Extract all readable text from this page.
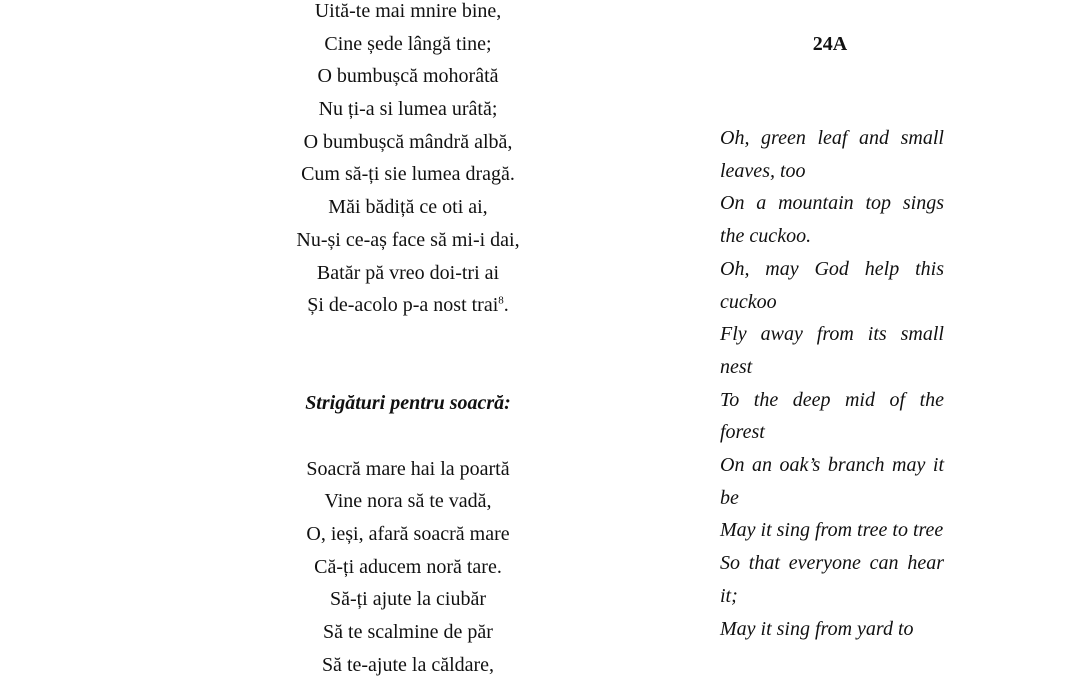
Uită-te mai mnire bine,
Cine șede lângă tine;
O bumbușcă mohorâtă
Nu ți-a si lumea urâtă;
O bumbușcă mândră albă,
Cum să-ți sie lumea dragă.
Măi bădiță ce oti ai,
Nu-și ce-aș face să mi-i dai,
Batăr pă vreo doi-tri ai
Și de-acolo p-a nost trai$^8$.
Strigături pentru soacră:
Soacră mare hai la poartă
Vine nora să te vadă,
O, ieși, afară soacră mare
Că-ți aducem noră tare.
Să-ți ajute la ciubăr
Să te scalmine de păr
Să te-ajute la căldare,
24A
Oh, green leaf and small leaves, too
On a mountain top sings the cuckoo.
Oh, may God help this cuckoo
Fly away from its small nest
To the deep mid of the forest
On an oak’s branch may it be
May it sing from tree to tree
So that everyone can hear it;
May it sing from yard to
